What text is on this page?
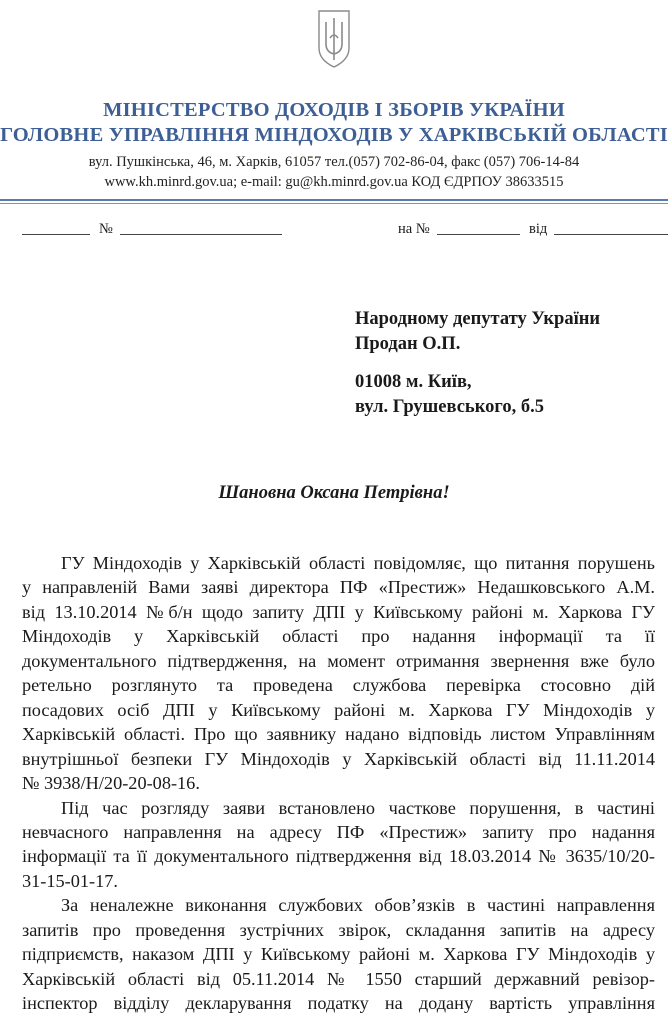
МІНІСТЕРСТВО ДОХОДІВ І ЗБОРІВ УКРАЇНИ
ГОЛОВНЕ УПРАВЛІННЯ МІНДОХОДІВ У ХАРКІВСЬКІЙ ОБЛАСТІ
вул. Пушкінська, 46, м. Харків, 61057 тел.(057) 702-86-04, факс (057) 706-14-84
www.kh.minrd.gov.ua; e-mail: gu@kh.minrd.gov.ua КОД ЄДРПОУ 38633515
№	на №	від
Народному депутату України
Продан О.П.
01008 м. Київ,
вул. Грушевського, б.5
Шановна Оксана Петрівна!
ГУ Міндоходів у Харківській області повідомляє, що питання порушень
у направленій Вами заяві директора ПФ «Престиж» Недашковського А.М.
від 13.10.2014 №б/н щодо запиту ДПІ у Київському районі м. Харкова ГУ
Міндоходів у Харківській області про надання інформації та її
документального підтвердження, на момент отримання звернення вже було
ретельно розглянуто та проведена службова перевірка стосовно дій
посадових осіб ДПІ у Київському районі м. Харкова ГУ Міндоходів у
Харківській області. Про що заявнику надано відповідь листом Управлінням
внутрішньої безпеки ГУ Міндоходів у Харківській області від 11.11.2014
№ 3938/Н/20-20-08-16.
Під час розгляду заяви встановлено часткове порушення, в частині
невчасного направлення на адресу ПФ «Престиж» запиту про надання
інформації та її документального підтвердження від 18.03.2014 № 3635/10/20-
31-15-01-17.
За неналежне виконання службових обов’язків в частині направлення
запитів про проведення зустрічних звірок, складання запитів на адресу
підприємств, наказом ДПІ у Київському районі м. Харкова ГУ Міндоходів у
Харківській області від 05.11.2014 № 1550 старший державний ревізор-
інспектор відділу декларування податку на додану вартість управління
